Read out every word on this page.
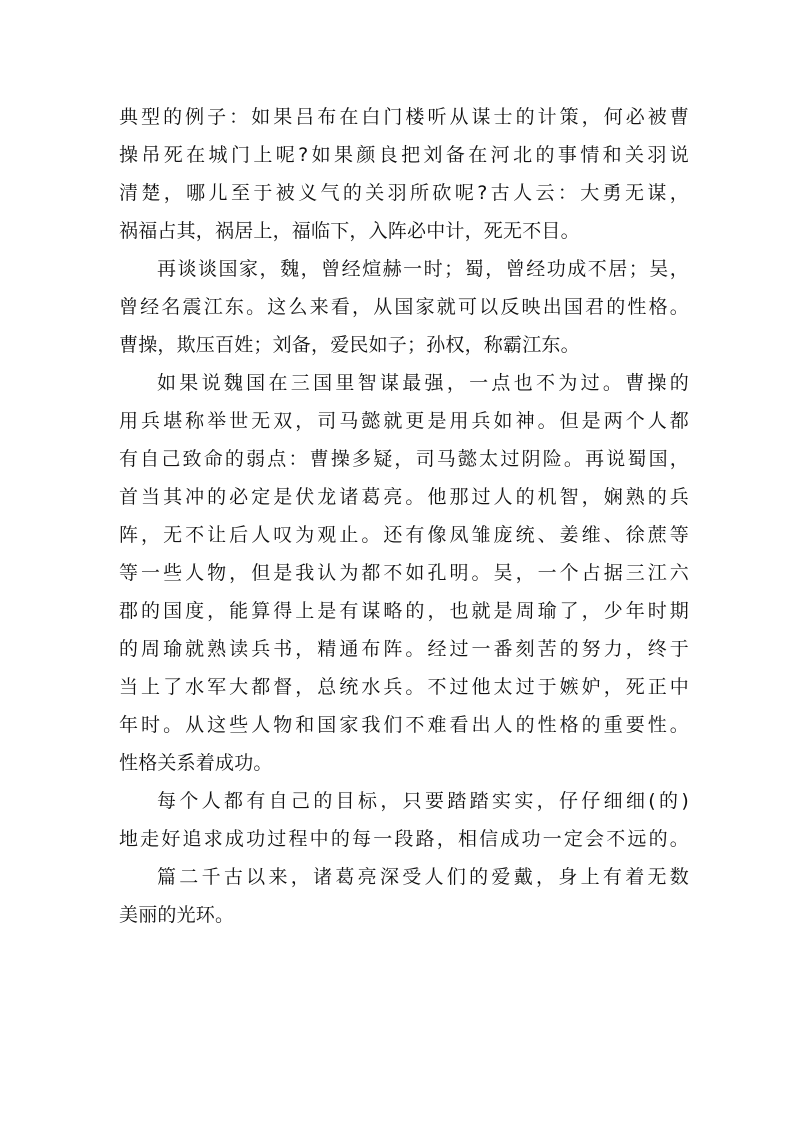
典型的例子：如果吕布在白门楼听从谋士的计策，何必被曹
操吊死在城门上呢?如果颜良把刘备在河北的事情和关羽说
清楚，哪儿至于被义气的关羽所砍呢?古人云：大勇无谋，
祸福占其，祸居上，福临下，入阵必中计，死无不目。
再谈谈国家，魏，曾经煊赫一时；蜀，曾经功成不居；吴，
曾经名震江东。这么来看，从国家就可以反映出国君的性格。
曹操，欺压百姓；刘备，爱民如子；孙权，称霸江东。
如果说魏国在三国里智谋最强，一点也不为过。曹操的
用兵堪称举世无双，司马懿就更是用兵如神。但是两个人都
有自己致命的弱点：曹操多疑，司马懿太过阴险。再说蜀国，
首当其冲的必定是伏龙诸葛亮。他那过人的机智，娴熟的兵
阵，无不让后人叹为观止。还有像凤雏庞统、姜维、徐蔗等
等一些人物，但是我认为都不如孔明。吴，一个占据三江六
郡的国度，能算得上是有谋略的，也就是周瑜了，少年时期
的周瑜就熟读兵书，精通布阵。经过一番刻苦的努力，终于
当上了水军大都督，总统水兵。不过他太过于嫉妒，死正中
年时。从这些人物和国家我们不难看出人的性格的重要性。
性格关系着成功。
每个人都有自己的目标，只要踏踏实实，仔仔细细(的)
地走好追求成功过程中的每一段路，相信成功一定会不远的。
篇二千古以来，诸葛亮深受人们的爱戴，身上有着无数
美丽的光环。
